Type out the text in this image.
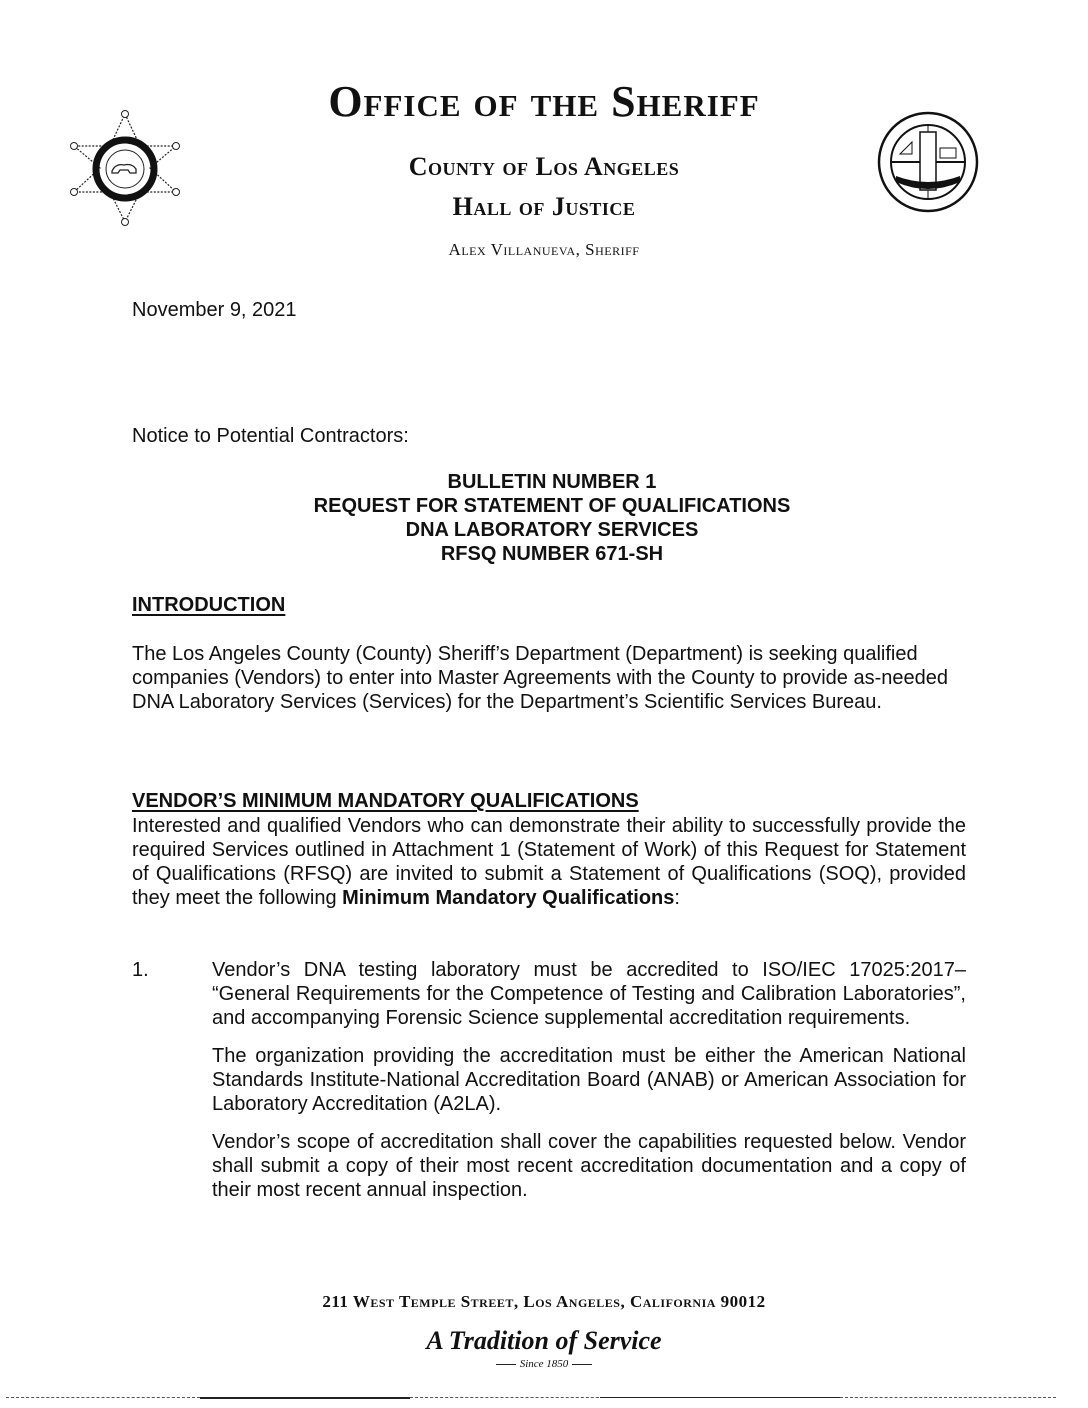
Office of the Sheriff
County of Los Angeles
Hall of Justice
Alex Villanueva, Sheriff
November 9, 2021
Notice to Potential Contractors:
BULLETIN NUMBER 1
REQUEST FOR STATEMENT OF QUALIFICATIONS
DNA LABORATORY SERVICES
RFSQ NUMBER 671-SH
INTRODUCTION
The Los Angeles County (County) Sheriff’s Department (Department) is seeking qualified companies (Vendors) to enter into Master Agreements with the County to provide as-needed DNA Laboratory Services (Services) for the Department’s Scientific Services Bureau.
VENDOR’S MINIMUM MANDATORY QUALIFICATIONS

Interested and qualified Vendors who can demonstrate their ability to successfully provide the required Services outlined in Attachment 1 (Statement of Work) of this Request for Statement of Qualifications (RFSQ) are invited to submit a Statement of Qualifications (SOQ), provided they meet the following Minimum Mandatory Qualifications:

1.	Vendor’s DNA testing laboratory must be accredited to ISO/IEC 17025:2017– “General Requirements for the Competence of Testing and Calibration Laboratories”, and accompanying Forensic Science supplemental accreditation requirements.

The organization providing the accreditation must be either the American National Standards Institute-National Accreditation Board (ANAB) or American Association for Laboratory Accreditation (A2LA).

Vendor’s scope of accreditation shall cover the capabilities requested below. Vendor shall submit a copy of their most recent accreditation documentation and a copy of their most recent annual inspection.

211 West Temple Street, Los Angeles, California 90012
A Tradition of Service
Since 1850
